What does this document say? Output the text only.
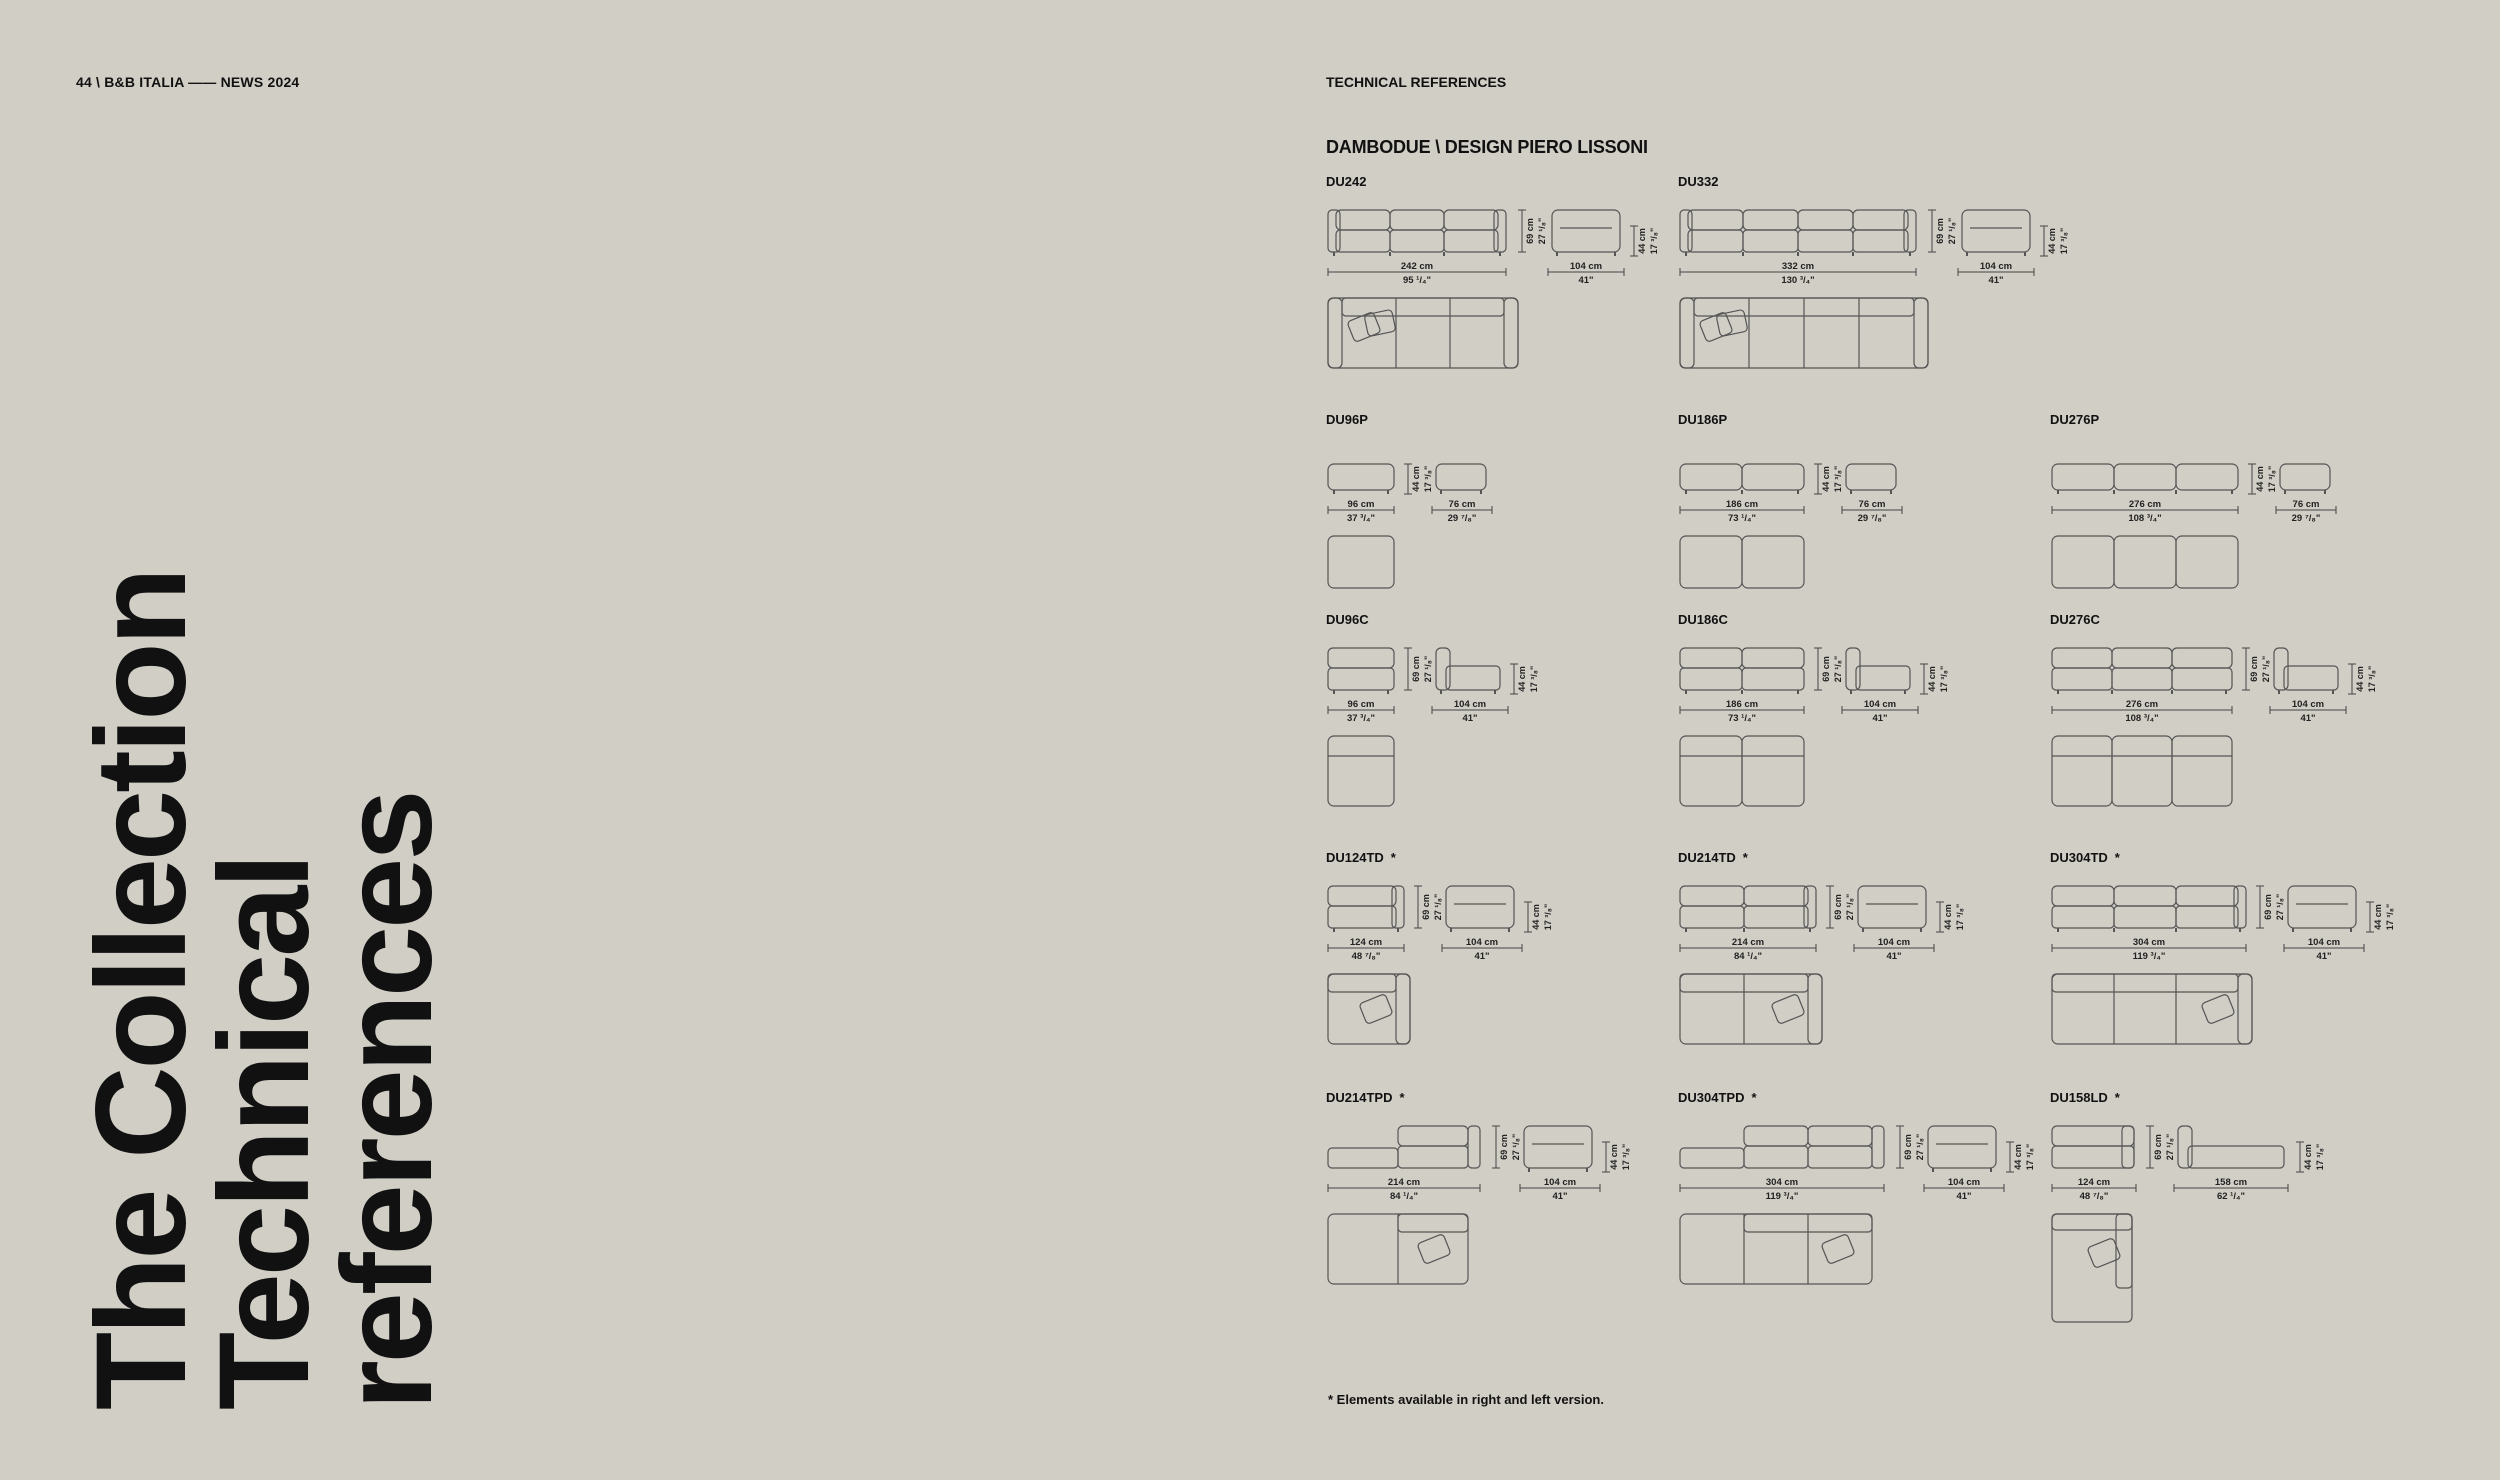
44 \ B&B ITALIA —— NEWS 2024	TECHNICAL REFERENCES
The Collection
Technical
references
DAMBODUE \ DESIGN PIERO LISSONI
DU242
69 cm 27 ¹/₈"	44 cm 17 ³/₈"
242 cm
95 ¹/₄"
104 cm
41"
DU332
69 cm 27 ¹/₈"	44 cm 17 ³/₈"
332 cm
130 ³/₄"
104 cm
41"
DU96P
44 cm 17 ³/₈"
96 cm
37 ³/₄"
76 cm
29 ⁷/₈"
DU186P
44 cm 17 ³/₈"
186 cm
73 ¹/₄"
76 cm
29 ⁷/₈"
DU276P
44 cm 17 ³/₈"
276 cm
108 ³/₄"
76 cm
29 ⁷/₈"
DU96C
69 cm 27 ¹/₈"	44 cm 17 ³/₈"
96 cm
37 ³/₄"
104 cm
41"
DU186C
69 cm 27 ¹/₈"	44 cm 17 ³/₈"
186 cm
73 ¹/₄"
104 cm
41"
DU276C
69 cm 27 ¹/₈"	44 cm 17 ³/₈"
276 cm
108 ³/₄"
104 cm
41"
DU124TD *
69 cm 27 ¹/₈"	44 cm 17 ³/₈"
124 cm
48 ⁷/₈"
104 cm
41"
DU214TD *
69 cm 27 ¹/₈"	44 cm 17 ³/₈"
214 cm
84 ¹/₄"
104 cm
41"
DU304TD *
69 cm 27 ¹/₈"	44 cm 17 ³/₈"
304 cm
119 ³/₄"
104 cm
41"
DU214TPD *
69 cm 27 ¹/₈"	44 cm 17 ³/₈"
214 cm
84 ¹/₄"
104 cm
41"
DU304TPD *
69 cm 27 ¹/₈"	44 cm 17 ³/₈"
304 cm
119 ³/₄"
104 cm
41"
DU158LD *
69 cm 27 ¹/₈"	44 cm 17 ³/₈"
124 cm
48 ⁷/₈"
158 cm
62 ¹/₄"
* Elements available in right and left version.
